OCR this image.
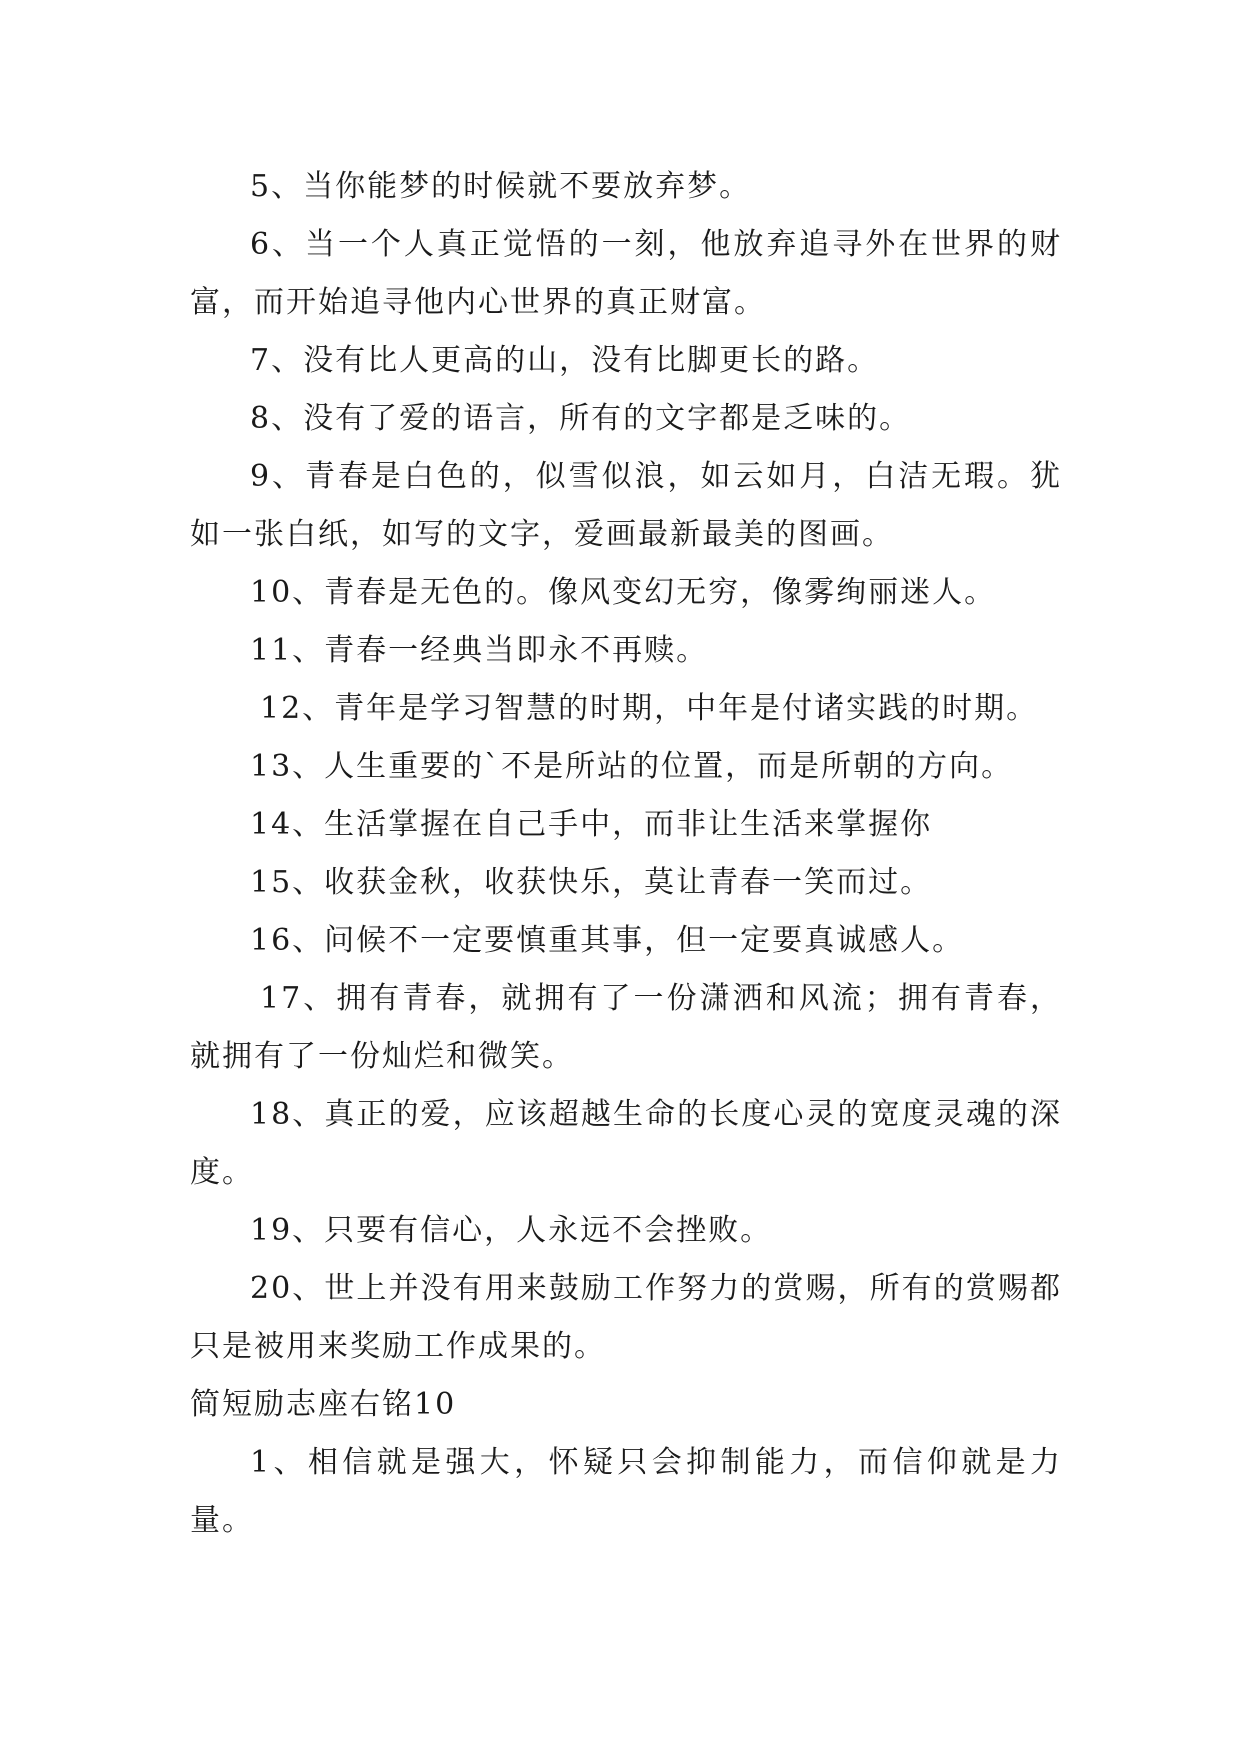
5、当你能梦的时候就不要放弃梦。

6、当一个人真正觉悟的一刻，他放弃追寻外在世界的财富，而开始追寻他内心世界的真正财富。

7、没有比人更高的山，没有比脚更长的路。

8、没有了爱的语言，所有的文字都是乏味的。

9、青春是白色的，似雪似浪，如云如月，白洁无瑕。犹如一张白纸，如写的文字，爱画最新最美的图画。

10、青春是无色的。像风变幻无穷，像雾绚丽迷人。

11、青春一经典当即永不再赎。

12、青年是学习智慧的时期，中年是付诸实践的时期。

13、人生重要的`不是所站的位置，而是所朝的方向。

14、生活掌握在自己手中，而非让生活来掌握你

15、收获金秋，收获快乐，莫让青春一笑而过。

16、问候不一定要慎重其事，但一定要真诚感人。

17、拥有青春，就拥有了一份潇洒和风流；拥有青春，就拥有了一份灿烂和微笑。

18、真正的爱，应该超越生命的长度心灵的宽度灵魂的深度。

19、只要有信心，人永远不会挫败。

20、世上并没有用来鼓励工作努力的赏赐，所有的赏赐都只是被用来奖励工作成果的。

简短励志座右铭10

1、相信就是强大，怀疑只会抑制能力，而信仰就是力量。
